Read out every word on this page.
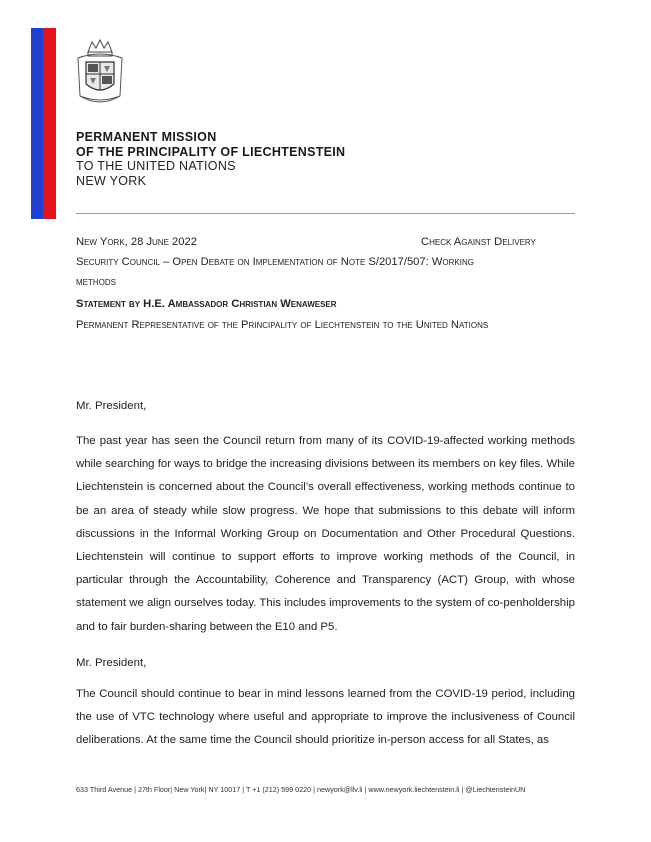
PERMANENT MISSION
OF THE PRINCIPALITY OF LIECHTENSTEIN
TO THE UNITED NATIONS
NEW YORK
New York, 28 June 2022	Check Against Delivery
Security Council – Open Debate on Implementation of Note S/2017/507: Working
methods
Statement by H.E. Ambassador Christian Wenaweser
Permanent Representative of the Principality of Liechtenstein to the United Nations
Mr. President,
The past year has seen the Council return from many of its COVID-19-affected working methods while searching for ways to bridge the increasing divisions between its members on key files. While Liechtenstein is concerned about the Council’s overall effectiveness, working methods continue to be an area of steady while slow progress. We hope that submissions to this debate will inform discussions in the Informal Working Group on Documentation and Other Procedural Questions. Liechtenstein will continue to support efforts to improve working methods of the Council, in particular through the Accountability, Coherence and Transparency (ACT) Group, with whose statement we align ourselves today. This includes improvements to the system of co-penholdership and to fair burden-sharing between the E10 and P5.
Mr. President,
The Council should continue to bear in mind lessons learned from the COVID-19 period, including the use of VTC technology where useful and appropriate to improve the inclusiveness of Council deliberations. At the same time the Council should prioritize in-person access for all States, as
633 Third Avenue | 27th Floor| New York| NY 10017 | T +1 (212) 599 0220 | newyork@llv.li | www.newyork.liechtenstein.li | @LiechtensteinUN
